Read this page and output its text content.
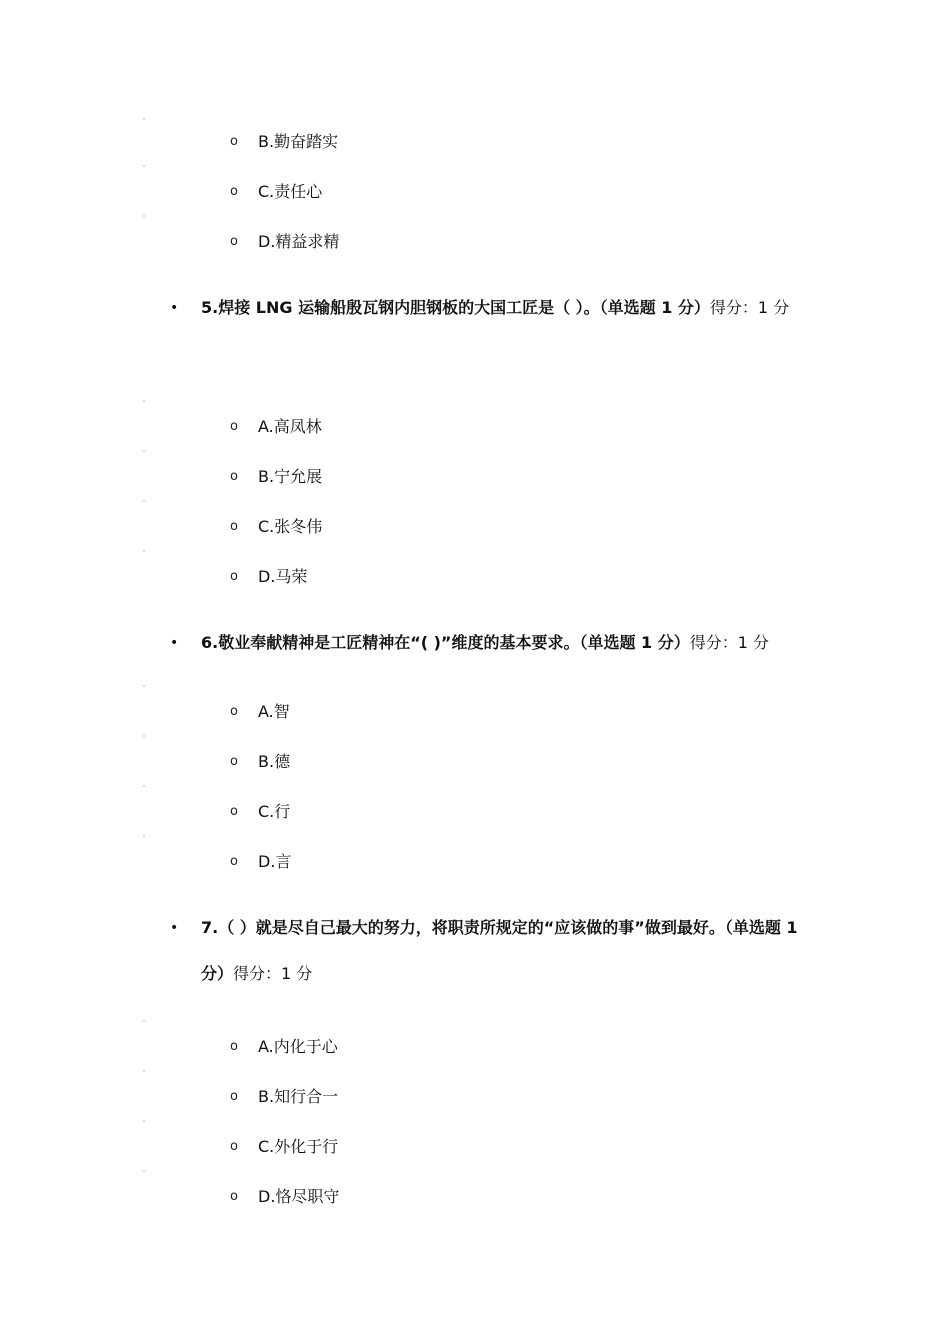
o B.勤奋踏实
o C.责任心
o D.精益求精
•	5.焊接 LNG 运输船殷瓦钢内胆钢板的大国工匠是（ ）。（单选题 1 分）得分：1 分
o A.高凤林
o B.宁允展
o C.张冬伟
o D.马荣
•	6.敬业奉献精神是工匠精神在“( )”维度的基本要求。（单选题 1 分）得分：1 分
o A.智
o B.德
o C.行
o D.言
•	7.（ ）就是尽自己最大的努力，将职责所规定的“应该做的事”做到最好。（单选题 1 分）得分：1 分
o A.内化于心
o B.知行合一
o C.外化于行
o D.恪尽职守
